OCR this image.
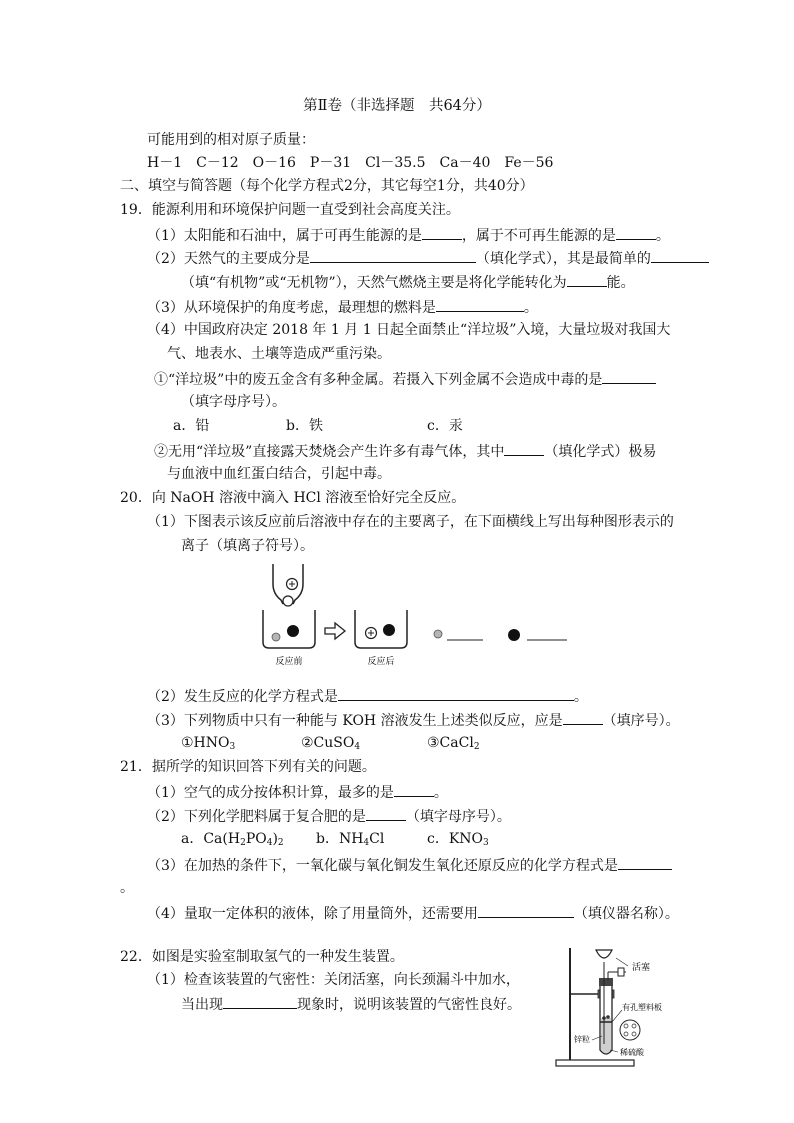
第Ⅱ卷（非选择题　共64分）
可能用到的相对原子质量：
H－1　C－12　O－16　P－31　Cl－35.5　Ca－40　Fe－56
二、填空与简答题（每个化学方程式2分，其它每空1分，共40分）
19．能源利用和环境保护问题一直受到社会高度关注。
（1）太阳能和石油中，属于可再生能源的是	，属于不可再生能源的是	。
（2）天然气的主要成分是	（填化学式），其是最简单的
（填“有机物”或“无机物”），天然气燃烧主要是将化学能转化为	能。
（3）从环境保护的角度考虑，最理想的燃料是	。
（4）中国政府决定 2018 年 1 月 1 日起全面禁止“洋垃圾”入境，大量垃圾对我国大
气、地表水、土壤等造成严重污染。
①“洋垃圾”中的废五金含有多种金属。若摄入下列金属不会造成中毒的是
（填字母序号）。
a．铅	b．铁	c．汞
②无用“洋垃圾”直接露天焚烧会产生许多有毒气体，其中	（填化学式）极易
与血液中血红蛋白结合，引起中毒。
20．向 NaOH 溶液中滴入 HCl 溶液至恰好完全反应。
（1）下图表示该反应前后溶液中存在的主要离子，在下面横线上写出每种图形表示的
离子（填离子符号）。
反应前	反应后
（2）发生反应的化学方程式是	。
（3）下列物质中只有一种能与 KOH 溶液发生上述类似反应，应是	（填序号）。
$①HNO_3$	②CuSO$_4$	③CaCl$_2$
21．据所学的知识回答下列有关的问题。
（1）空气的成分按体积计算，最多的是	。
（2）下列化学肥料属于复合肥的是	（填字母序号）。
a．$Ca(H_2PO_4)_2$ b．$NH_4Cl$	c．$KNO_3$
（3）在加热的条件下，一氧化碳与氧化铜发生氧化还原反应的化学方程式是
。
（4）量取一定体积的液体，除了用量筒外，还需要用	（填仪器名称）。
22．如图是实验室制取氢气的一种发生装置。
（1）检查该装置的气密性：关闭活塞，向长颈漏斗中加水，
当出现	现象时，说明该装置的气密性良好。
活塞
有孔塑料板
锌粒
稀硫酸
